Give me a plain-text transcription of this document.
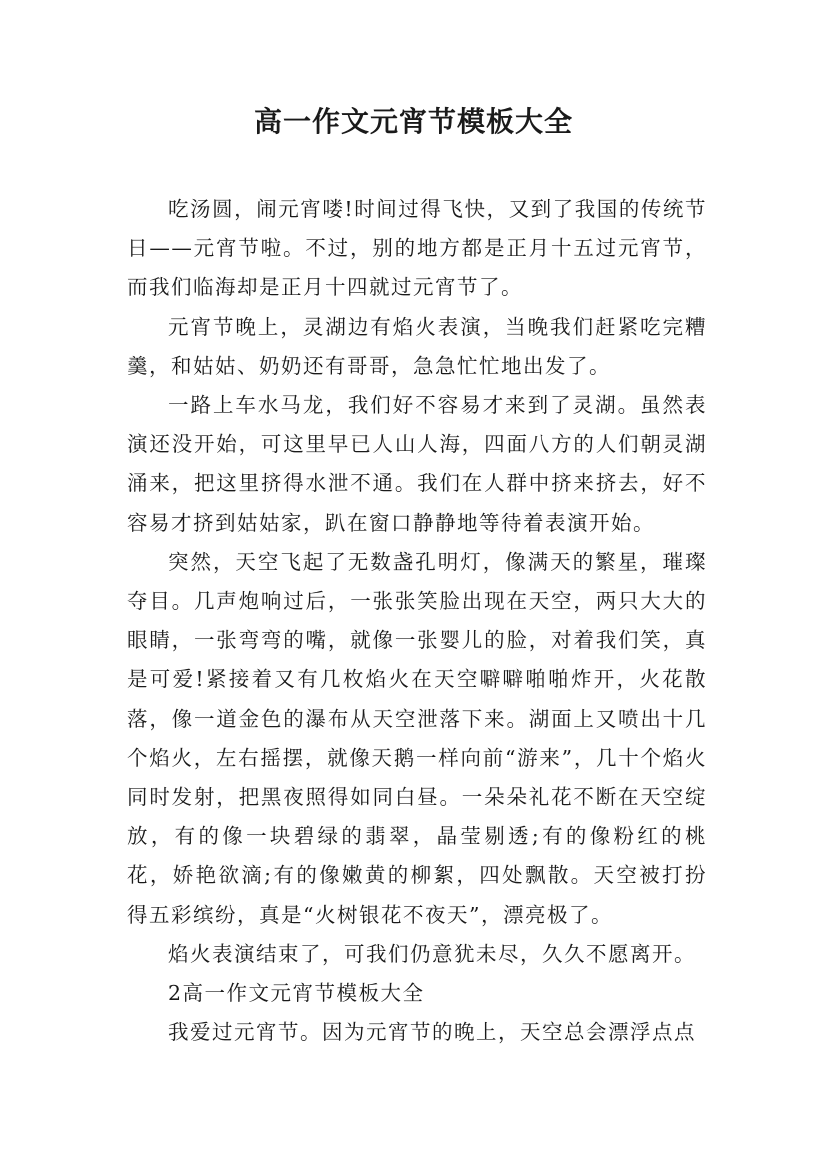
高一作文元宵节模板大全

吃汤圆，闹元宵喽!时间过得飞快，又到了我国的传统节日——元宵节啦。不过，别的地方都是正月十五过元宵节，而我们临海却是正月十四就过元宵节了。

元宵节晚上，灵湖边有焰火表演，当晚我们赶紧吃完糟羹，和姑姑、奶奶还有哥哥，急急忙忙地出发了。

一路上车水马龙，我们好不容易才来到了灵湖。虽然表演还没开始，可这里早已人山人海，四面八方的人们朝灵湖涌来，把这里挤得水泄不通。我们在人群中挤来挤去，好不容易才挤到姑姑家，趴在窗口静静地等待着表演开始。

突然，天空飞起了无数盏孔明灯，像满天的繁星，璀璨夺目。几声炮响过后，一张张笑脸出现在天空，两只大大的眼睛，一张弯弯的嘴，就像一张婴儿的脸，对着我们笑，真是可爱!紧接着又有几枚焰火在天空噼噼啪啪炸开，火花散落，像一道金色的瀑布从天空泄落下来。湖面上又喷出十几个焰火，左右摇摆，就像天鹅一样向前“游来”，几十个焰火同时发射，把黑夜照得如同白昼。一朵朵礼花不断在天空绽放，有的像一块碧绿的翡翠，晶莹剔透;有的像粉红的桃花，娇艳欲滴;有的像嫩黄的柳絮，四处飘散。天空被打扮得五彩缤纷，真是“火树银花不夜天”，漂亮极了。

焰火表演结束了，可我们仍意犹未尽，久久不愿离开。

2高一作文元宵节模板大全

我爱过元宵节。因为元宵节的晚上，天空总会漂浮点点
